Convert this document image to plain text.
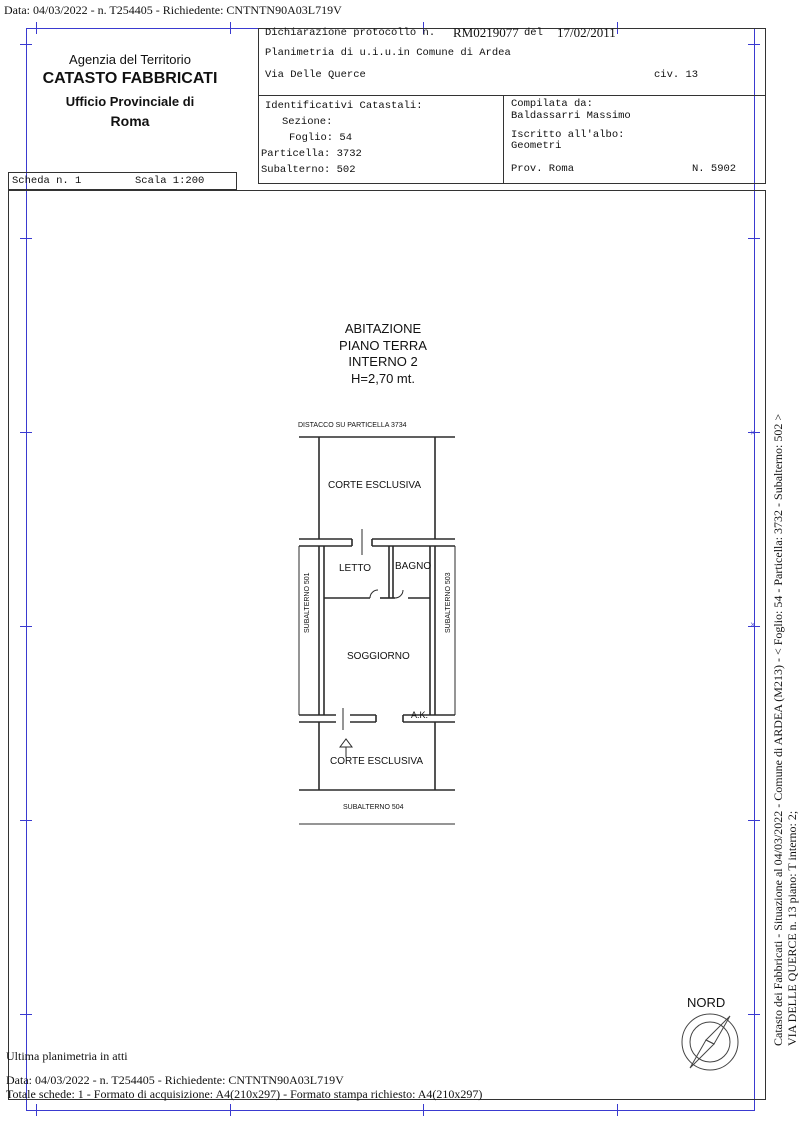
Data: 04/03/2022 - n. T254405 - Richiedente: CNTNTN90A03L719V
Agenzia del Territorio
CATASTO FABBRICATI
Ufficio Provinciale di
Roma
Dichiarazione protocollo n. RM0219077 del 17/02/2011
Planimetria di u.i.u.in Comune di Ardea
Via Delle Querce	civ. 13
Identificativi Catastali:
Sezione:
Foglio: 54
Particella: 3732
Subalterno: 502
Compilata da:
Baldassarri Massimo
Iscritto all'albo:
Geometri
Prov. Roma	N. 5902
Scheda n. 1	Scala 1:200
ABITAZIONE
PIANO TERRA
INTERNO 2
H=2,70 mt.
DISTACCO SU PARTICELLA 3734
CORTE ESCLUSIVA
LETTO BAGNO
SOGGIORNO
A.K.
CORTE ESCLUSIVA
SUBALTERNO 504
SUBALTERNO 501	SUBALTERNO 503
NORD
×
× Catasto dei Fabbricati - Situazione al 04/03/2022 - Comune di ARDEA (M213) - < Foglio: 54 - Particella: 3732 - Subalterno: 502 > VIA DELLE QUERCE n. 13 piano: T interno: 2;
Ultima planimetria in atti
Data: 04/03/2022 - n. T254405 - Richiedente: CNTNTN90A03L719V
Totale schede: 1 - Formato di acquisizione: A4(210x297) - Formato stampa richiesto: A4(210x297)
